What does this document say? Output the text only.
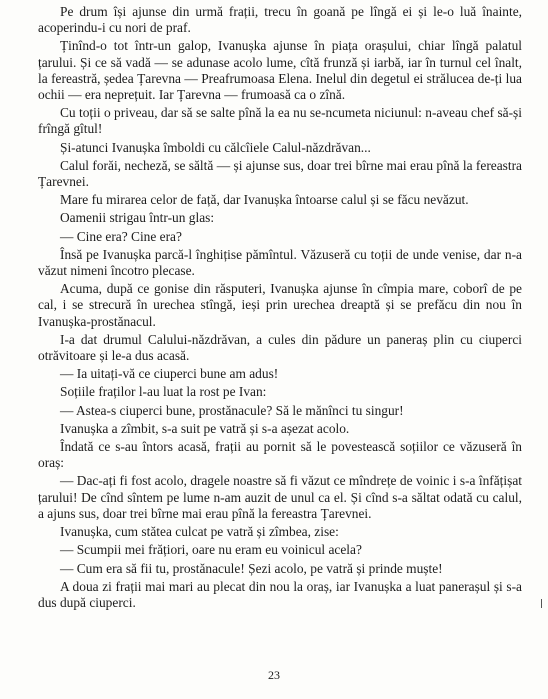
Pe drum își ajunse din urmă frații, trecu în goană pe lîngă ei și le-o luă înainte, acoperindu-i cu nori de praf.

Ținînd-o tot într-un galop, Ivanușka ajunse în piața orașului, chiar lîngă palatul țarului. Și ce să vadă — se adunase acolo lume, cîtă frunză și iarbă, iar în turnul cel înalt, la fereastră, ședea Țarevna — Preafrumoasa Elena. Inelul din degetul ei strălucea de-ți lua ochii — era neprețuit. Iar Țarevna — frumoasă ca o zînă.

Cu toții o priveau, dar să se salte pînă la ea nu se-ncumeta niciunul: n-aveau chef să-și frîngă gîtul!

Și-atunci Ivanușka îmboldi cu călcîiele Calul-năzdrăvan...

Calul forăi, necheză, se săltă — și ajunse sus, doar trei bîrne mai erau pînă la fereastra Țarevnei.

Mare fu mirarea celor de față, dar Ivanușka întoarse calul și se făcu nevăzut.

Oamenii strigau într-un glas:

— Cine era? Cine era?

Însă pe Ivanușka parcă-l înghițise pămîntul. Văzuseră cu toții de unde venise, dar n-a văzut nimeni încotro plecase.

Acuma, după ce gonise din răsputeri, Ivanușka ajunse în cîmpia mare, coborî de pe cal, i se strecură în urechea stîngă, ieși prin urechea dreaptă și se prefăcu din nou în Ivanușka-prostănacul.

I-a dat drumul Calului-năzdrăvan, a cules din pădure un paneraș plin cu ciuperci otrăvitoare și le-a dus acasă.

— Ia uitați-vă ce ciuperci bune am adus!

Soțiile fraților l-au luat la rost pe Ivan:

— Astea-s ciuperci bune, prostănacule? Să le mănînci tu singur!

Ivanușka a zîmbit, s-a suit pe vatră și s-a așezat acolo.

Îndată ce s-au întors acasă, frații au pornit să le povestească soțiilor ce văzuseră în oraș:

— Dac-ați fi fost acolo, dragele noastre să fi văzut ce mîndrețe de voinic i s-a înfățișat țarului! De cînd sîntem pe lume n-am auzit de unul ca el. Și cînd s-a săltat odată cu calul, a ajuns sus, doar trei bîrne mai erau pînă la fereastra Țarevnei.

Ivanușka, cum stătea culcat pe vatră și zîmbea, zise:

— Scumpii mei frățiori, oare nu eram eu voinicul acela?

— Cum era să fii tu, prostănacule! Șezi acolo, pe vatră și prinde muște!

A doua zi frații mai mari au plecat din nou la oraș, iar Ivanușka a luat panerașul și s-a dus după ciuperci.

23
